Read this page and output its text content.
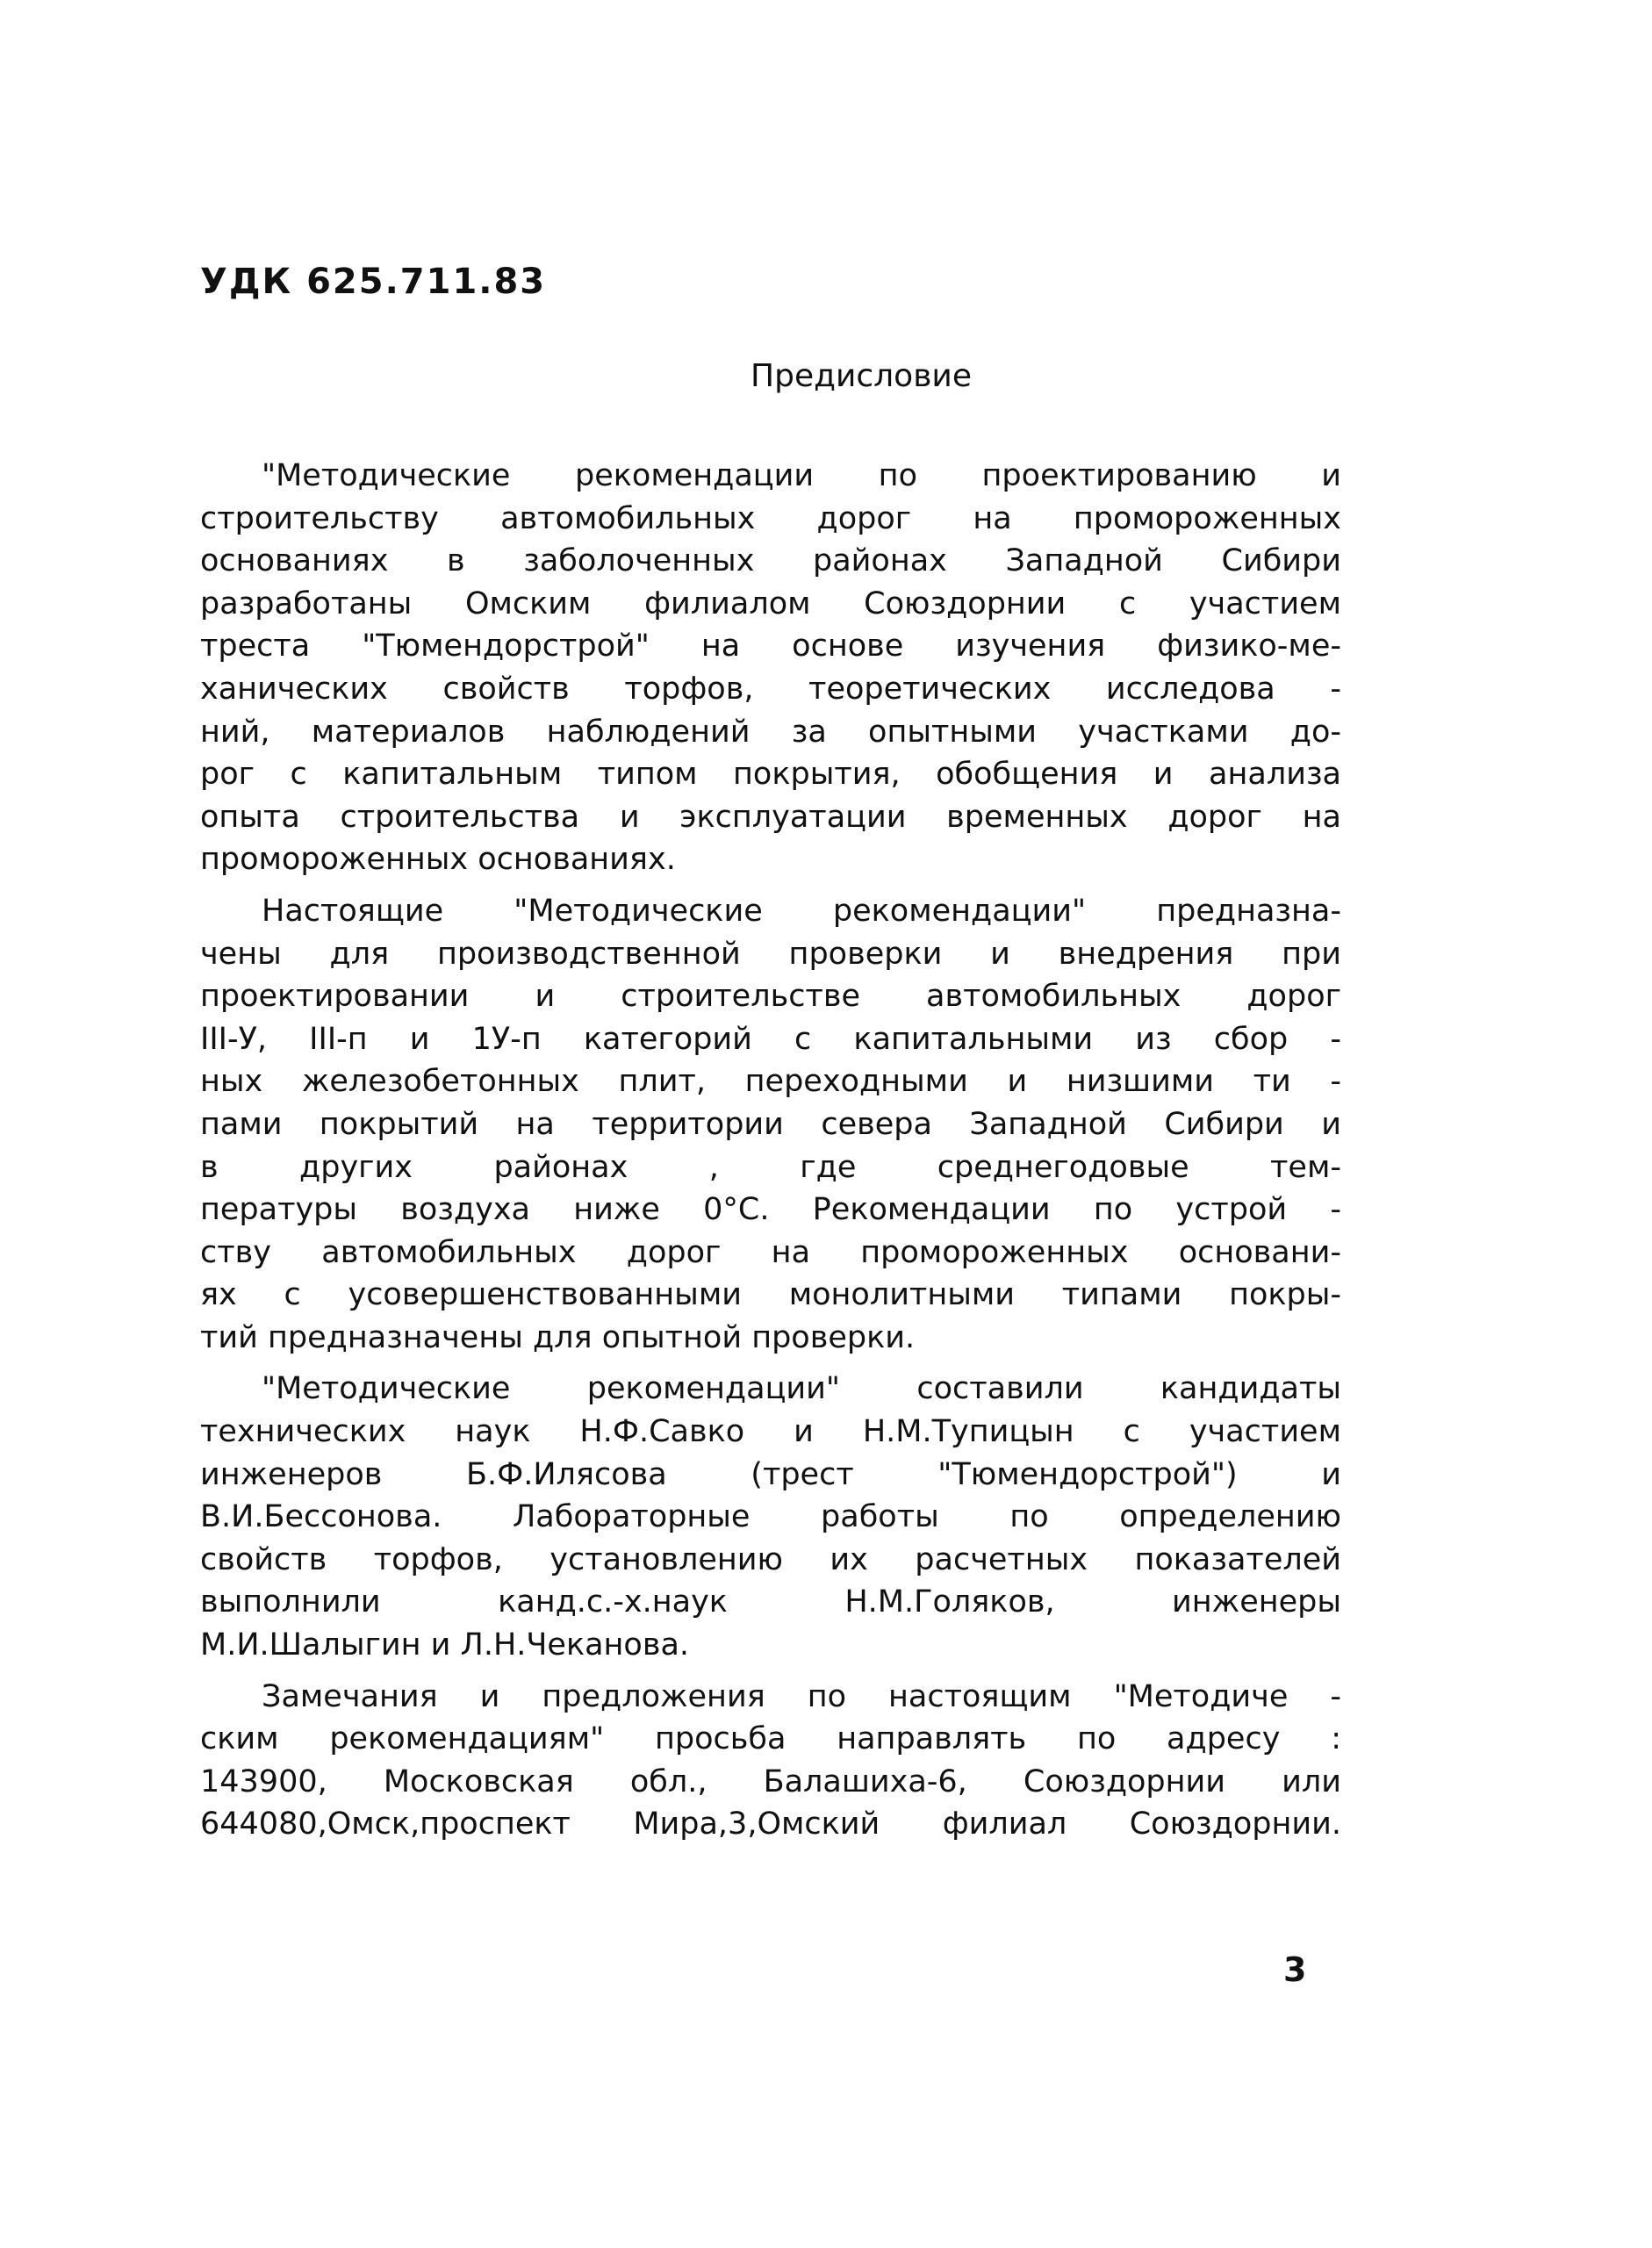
УДК 625.711.83
Предисловие
"Методические рекомендации по проектированию и
строительству автомобильных дорог на промороженных
основаниях в заболоченных районах Западной Сибири
разработаны Омским филиалом Союздорнии с участием
треста "Тюмендорстрой" на основе изучения физико-ме-
ханических свойств торфов, теоретических исследова -
ний, материалов наблюдений за опытными участками до-
рог с капитальным типом покрытия, обобщения и анализа
опыта строительства и эксплуатации временных дорог на
промороженных основаниях.
Настоящие "Методические рекомендации" предназна-
чены для производственной проверки и внедрения при
проектировании и строительстве автомобильных дорог
III-У, III-п и 1У-п категорий с капитальными из сбор -
ных железобетонных плит, переходными и низшими ти -
пами покрытий на территории севера Западной Сибири и
в других районах , где среднегодовые тем-
пературы воздуха ниже 0°С. Рекомендации по устрой -
ству автомобильных дорог на промороженных основани-
ях с усовершенствованными монолитными типами покры-
тий предназначены для опытной проверки.
"Методические рекомендации" составили кандидаты
технических наук Н.Ф.Савко и Н.М.Тупицын с участием
инженеров Б.Ф.Илясова (трест "Тюмендорстрой") и
В.И.Бессонова. Лабораторные работы по определению
свойств торфов, установлению их расчетных показателей
выполнили канд.с.-х.наук Н.М.Голяков, инженеры
М.И.Шалыгин и Л.Н.Чеканова.
Замечания и предложения по настоящим "Методиче -
ским рекомендациям" просьба направлять по адресу :
143900, Московская обл., Балашиха-6, Союздорнии или
644080,Омск,проспект Мира,3,Омский филиал Союздорнии.
3
